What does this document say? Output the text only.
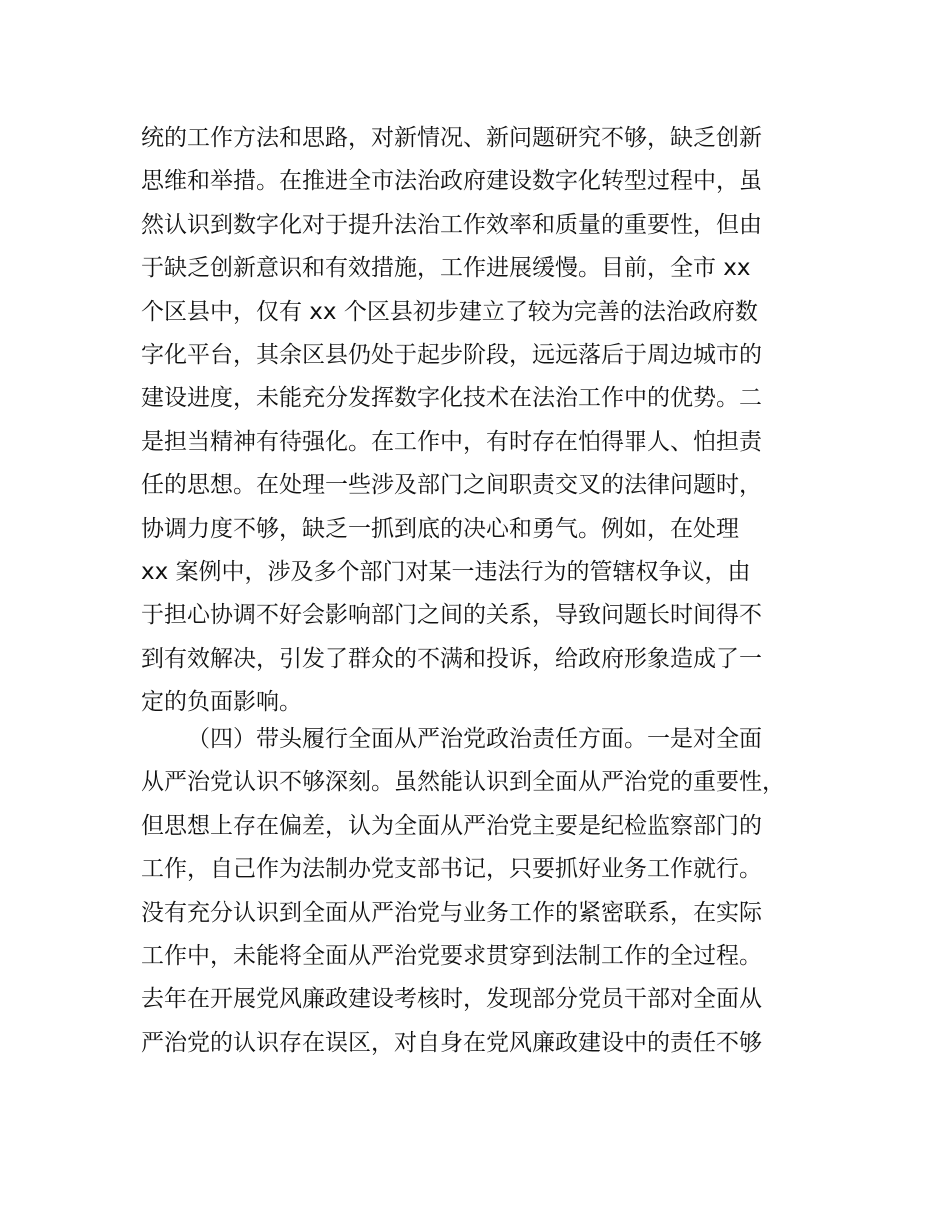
统的工作方法和思路，对新情况、新问题研究不够，缺乏创新
思维和举措。在推进全市法治政府建设数字化转型过程中，虽
然认识到数字化对于提升法治工作效率和质量的重要性，但由
于缺乏创新意识和有效措施，工作进展缓慢。目前，全市 xx
个区县中，仅有 xx 个区县初步建立了较为完善的法治政府数
字化平台，其余区县仍处于起步阶段，远远落后于周边城市的
建设进度，未能充分发挥数字化技术在法治工作中的优势。二
是担当精神有待强化。在工作中，有时存在怕得罪人、怕担责
任的思想。在处理一些涉及部门之间职责交叉的法律问题时，
协调力度不够，缺乏一抓到底的决心和勇气。例如，在处理
xx 案例中，涉及多个部门对某一违法行为的管辖权争议，由
于担心协调不好会影响部门之间的关系，导致问题长时间得不
到有效解决，引发了群众的不满和投诉，给政府形象造成了一
定的负面影响。
（四）带头履行全面从严治党政治责任方面。一是对全面
从严治党认识不够深刻。虽然能认识到全面从严治党的重要性，
但思想上存在偏差，认为全面从严治党主要是纪检监察部门的
工作，自己作为法制办党支部书记，只要抓好业务工作就行。
没有充分认识到全面从严治党与业务工作的紧密联系，在实际
工作中，未能将全面从严治党要求贯穿到法制工作的全过程。
去年在开展党风廉政建设考核时，发现部分党员干部对全面从
严治党的认识存在误区，对自身在党风廉政建设中的责任不够
